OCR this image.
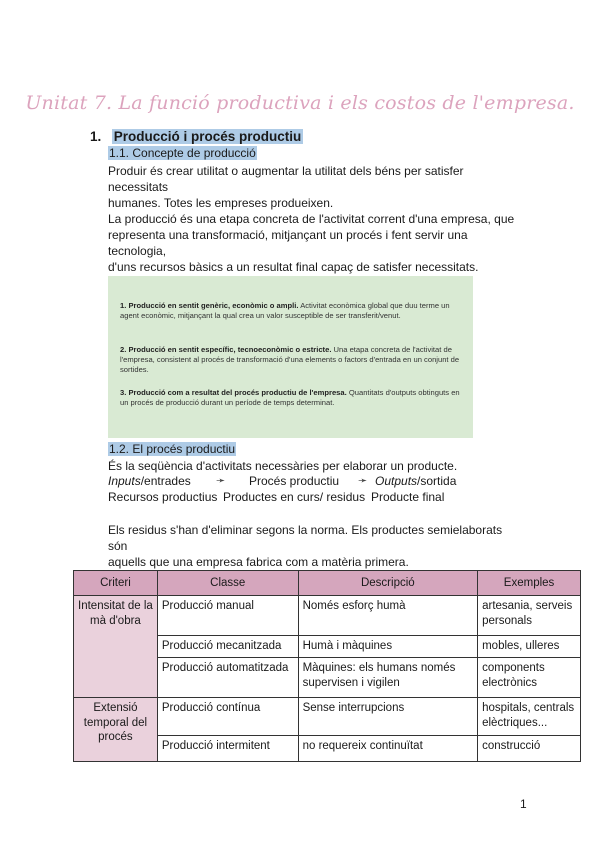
Unitat 7. La funció productiva i els costos de l'empresa.
1. Producció i procés productiu
1.1. Concepte de producció
Produir és crear utilitat o augmentar la utilitat dels béns per satisfer necessitats
humanes. Totes les empreses produeixen.
La producció és una etapa concreta de l'activitat corrent d'una empresa, que
representa una transformació, mitjançant un procés i fent servir una tecnologia,
d'uns recursos bàsics a un resultat final capaç de satisfer necessitats.
1. Producció en sentit genèric, econòmic o ampli. Activitat econòmica global que duu terme un agent econòmic, mitjançant la qual crea un valor susceptible de ser transferit/venut.
2. Producció en sentit específic, tecnoeconòmic o estricte. Una etapa concreta de l'activitat de l'empresa, consistent al procés de transformació d'una elements o factors d'entrada en un conjunt de sortides.
3. Producció com a resultat del procés productiu de l'empresa. Quantitats d'outputs obtinguts en un procés de producció durant un període de temps determinat.
1.2. El procés productiu
És la seqüència d'activitats necessàries per elaborar un producte.
Inputs/entrades ➛ Procés productiu ➛ Outputs/sortida
Recursos productius Productes en curs/ residus Producte final
Els residus s'han d'eliminar segons la norma. Els productes semielaborats són
aquells que una empresa fabrica com a matèria primera.
Criteri	Classe	Descripció	Exemples
Intensitat de la mà d'obra	Producció manual	Només esforç humà	artesania, serveis personals
	Producció mecanitzada	Humà i màquines	mobles, ulleres
	Producció automatitzada	Màquines: els humans només supervisen i vigilen	components electrònics
Extensió temporal del procés	Producció contínua	Sense interrupcions	hospitals, centrals elèctriques...
	Producció intermitent	no requereix continuïtat	construcció
1
